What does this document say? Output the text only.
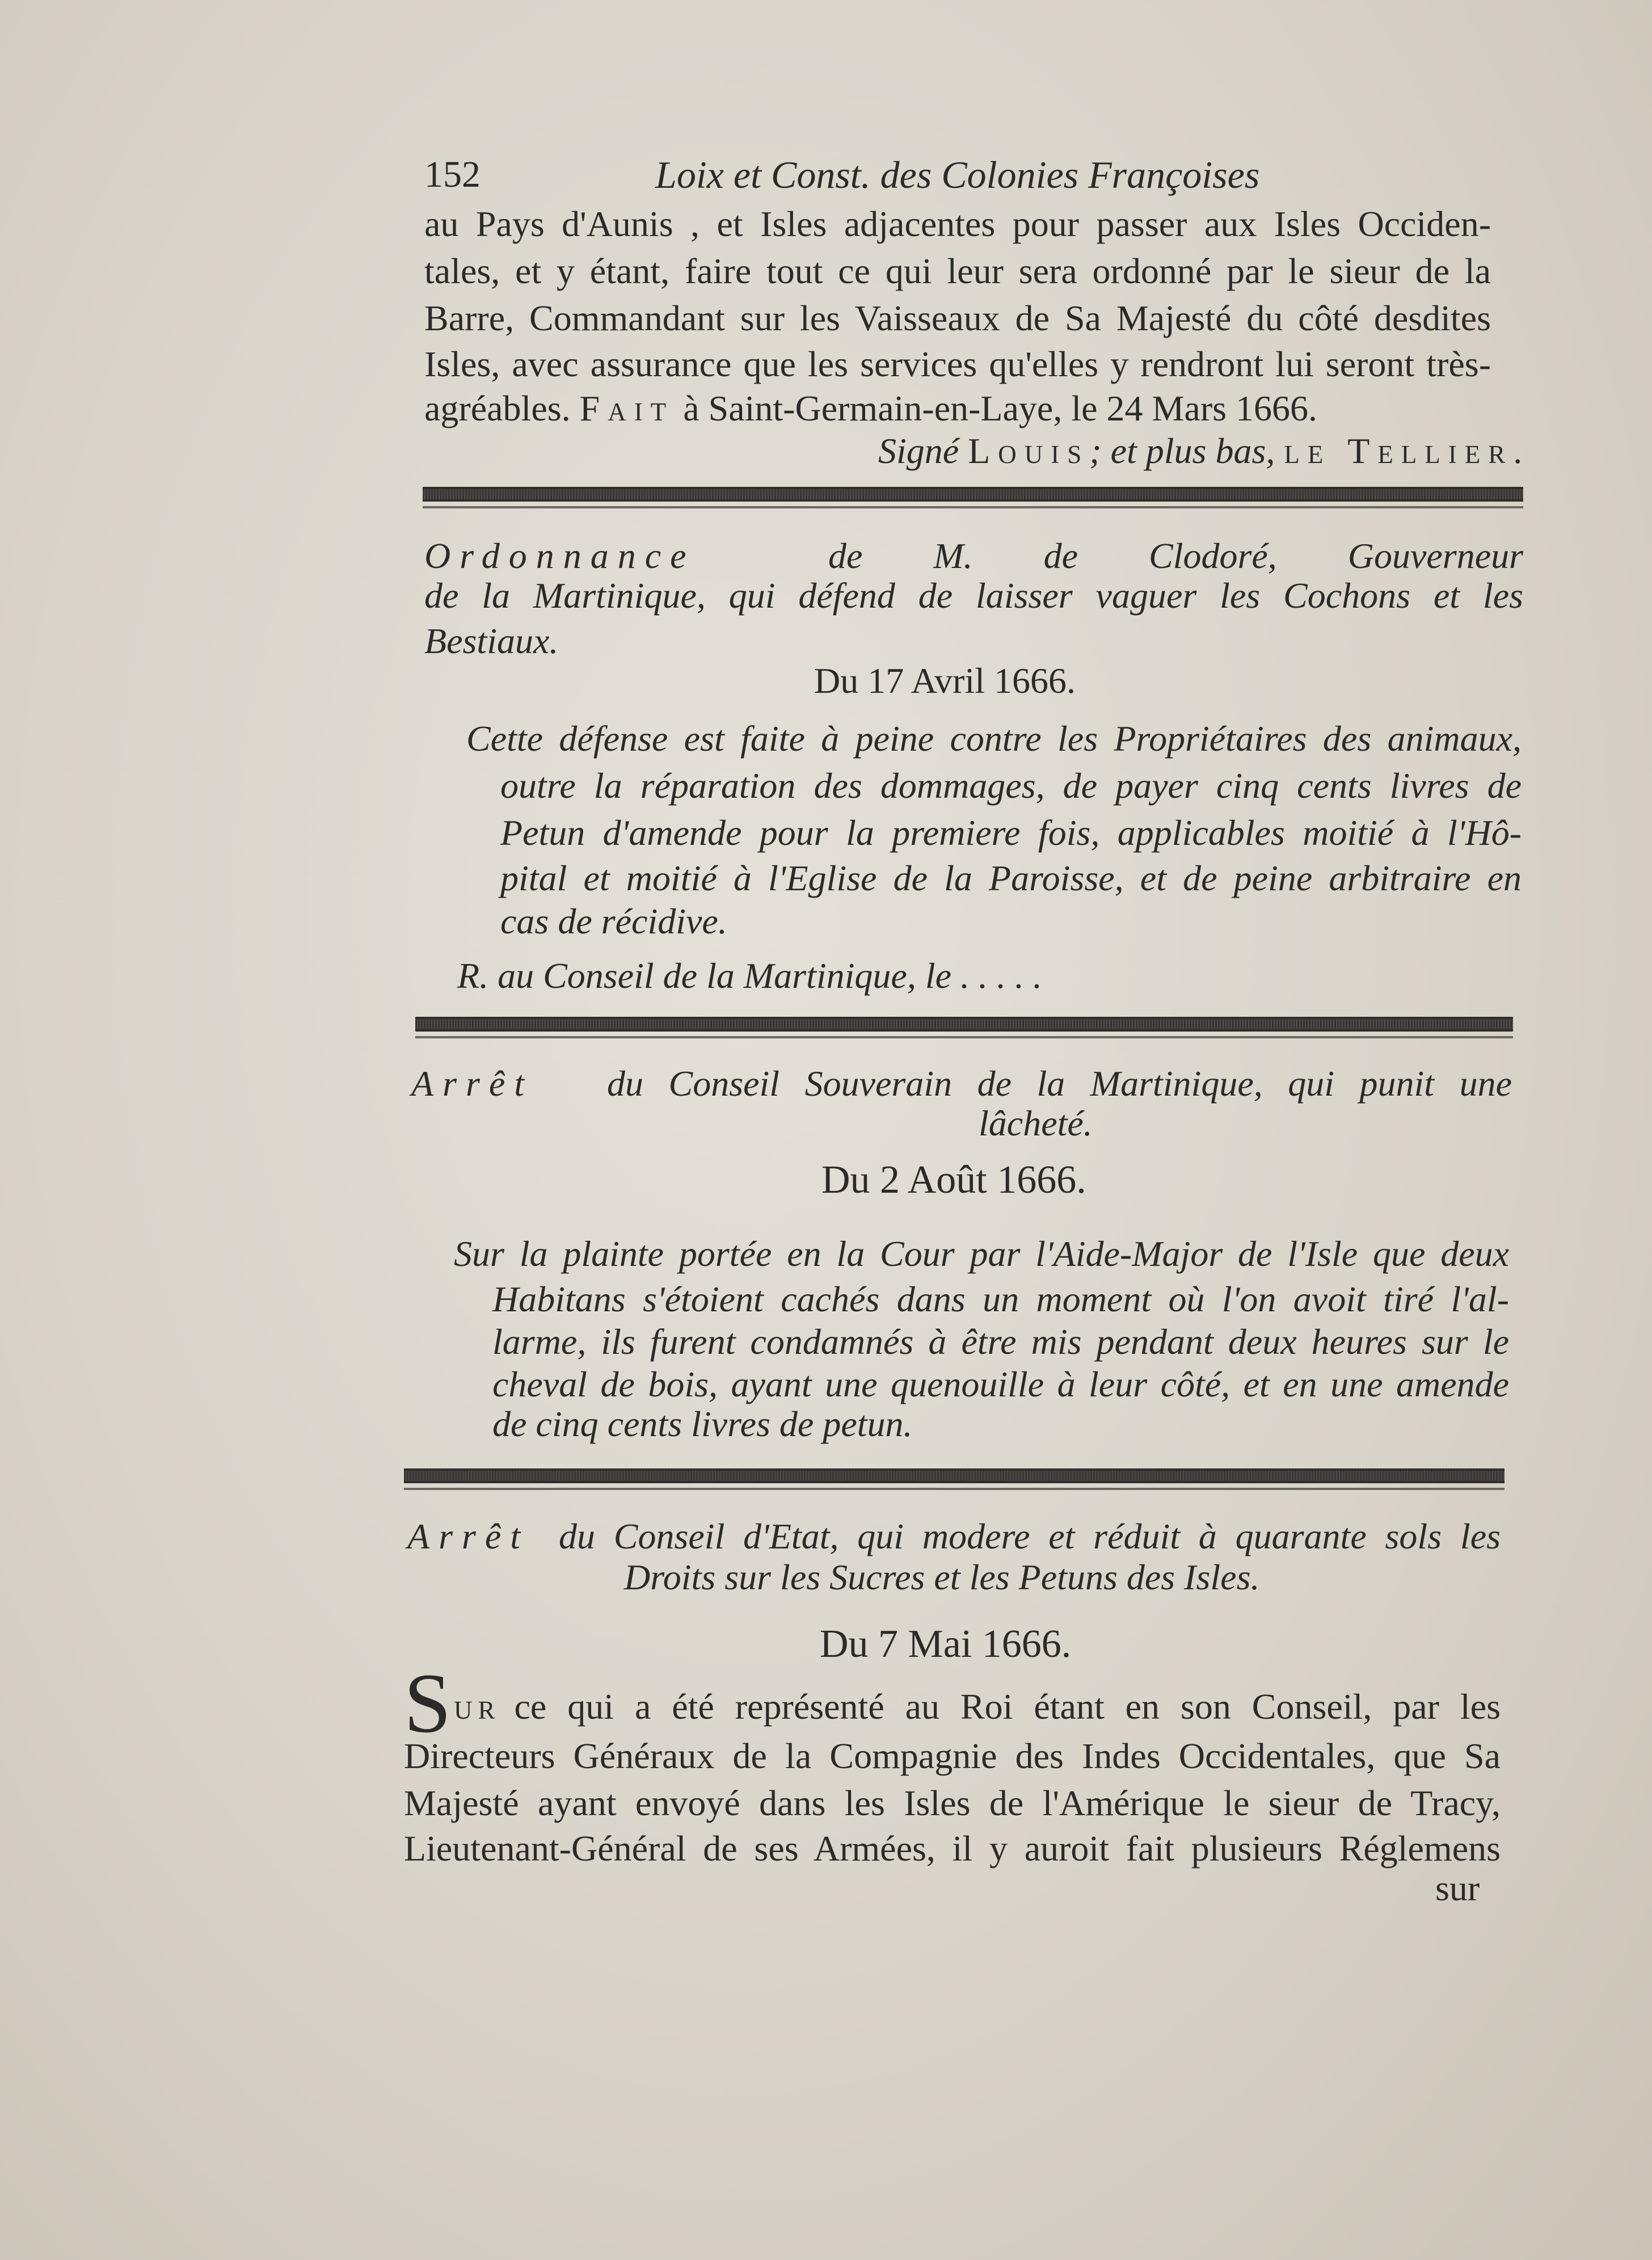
152	Loix et Const. des Colonies Françoises
au Pays d'Aunis , et Isles adjacentes pour passer aux Isles Occiden-
tales, et y étant, faire tout ce qui leur sera ordonné par le sieur de la
Barre, Commandant sur les Vaisseaux de Sa Majesté du côté desdites
Isles, avec assurance que les services qu'elles y rendront lui seront très-
agréables. Fait à Saint-Germain-en-Laye, le 24 Mars 1666.
Signé Louis; et plus bas, le Tellier.
Ordonnance	de M. de Clodoré, Gouverneur
de la Martinique, qui défend de laisser vaguer les Cochons et les
Bestiaux.
Du 17 Avril 1666.
Cette défense est faite à peine contre les Propriétaires des animaux,
outre la réparation des dommages, de payer cinq cents livres de
Petun d'amende pour la premiere fois, applicables moitié à l'Hô-
pital et moitié à l'Eglise de la Paroisse, et de peine arbitraire en
cas de récidive.
R. au Conseil de la Martinique, le . . . . .
Arrêt du Conseil Souverain de la Martinique, qui punit une
lâcheté.
Du 2 Août 1666.
Sur la plainte portée en la Cour par l'Aide-Major de l'Isle que deux
Habitans s'étoient cachés dans un moment où l'on avoit tiré l'al-
larme, ils furent condamnés à être mis pendant deux heures sur le
cheval de bois, ayant une quenouille à leur côté, et en une amende
de cinq cents livres de petun.
Arrêt du Conseil d'Etat, qui modere et réduit à quarante sols les
Droits sur les Sucres et les Petuns des Isles.
Du 7 Mai 1666.
S ur ce qui a été représenté au Roi étant en son Conseil, par les
Directeurs Généraux de la Compagnie des Indes Occidentales, que Sa
Majesté ayant envoyé dans les Isles de l'Amérique le sieur de Tracy,
Lieutenant-Général de ses Armées, il y auroit fait plusieurs Réglemens
sur
